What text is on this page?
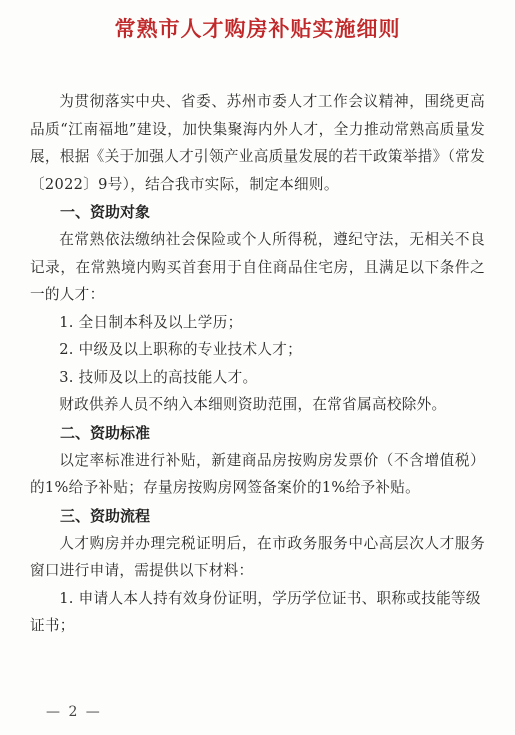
常熟市人才购房补贴实施细则

为贯彻落实中央、省委、苏州市委人才工作会议精神，围绕更高品质“江南福地”建设，加快集聚海内外人才，全力推动常熟高质量发展，根据《关于加强人才引领产业高质量发展的若干政策举措》（常发〔2022〕9号），结合我市实际，制定本细则。

一、资助对象

在常熟依法缴纳社会保险或个人所得税，遵纪守法，无相关不良记录，在常熟境内购买首套用于自住商品住宅房，且满足以下条件之一的人才：

1. 全日制本科及以上学历；

2. 中级及以上职称的专业技术人才；

3. 技师及以上的高技能人才。

财政供养人员不纳入本细则资助范围，在常省属高校除外。

二、资助标准

以定率标准进行补贴，新建商品房按购房发票价（不含增值税）的1%给予补贴；存量房按购房网签备案价的1%给予补贴。

三、资助流程

人才购房并办理完税证明后，在市政务服务中心高层次人才服务窗口进行申请，需提供以下材料：

1. 申请人本人持有效身份证明，学历学位证书、职称或技能等级证书；

— 2 —
